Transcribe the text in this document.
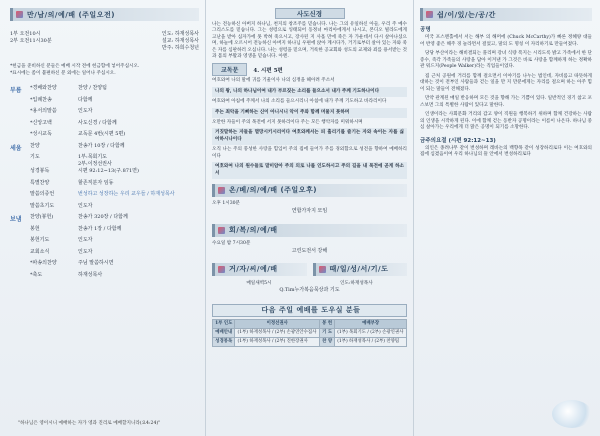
만/남/의/예/배 (주일오전)
1부 오전10시
2부 오전11시30분
인도: 하재성목사
설교: 하재성목사
반주: 하희수청년
*헌금을 준비하신 분들은 예배 시작 전에 헌금함에 넣어주십시오.
*표시에는 좀이 불편하신 분 외에는 일어나 주십시오.
부름	*경배와찬양	찬양 / 찬양팀
*입례찬송	다함께
*용서의말씀	인도자
*신앙고백	사도신경 / 다함께
*성시교독	교독문 4번(시편 5편)
세움	찬양	찬송가 10장 / 다함께
기도	1부:목회기도
2부:이정선권사
성경봉독	시편 92:12~13(구.871면)
특별찬양	할존직분자 임동
말씀의증언	번성하고 성장하는 우리 교우들 / 하재성목사
말씀초기도	인도자
보냄	찬양(봉헌)	찬송가 320장 / 다함께
봉헌	찬송가 1장 / 다함께
봉헌기도	인도자
교회소식	인도자
*파송의찬양	주님 말씀하시면
*축도	하재성목사
"하나님은 영이시니 예배하는 자가 영과 진리로 예배할지니라(요4:24)"
사도신경
나는 전능하신 아버지 하나님, 천지의 창조주를 믿습니다. 나는 그의 유일하신 아들, 우리 주 예수 그리스도를 믿습니다. 그는 성령으로 잉태되어 동정녀 마리아에게서 나시고, 본디오 빌라도에게 고난을 받아 십자가에 못 박혀 죽으시고, 장사된 지 사흘 만에 죽은 자 가운데서 다시 살아나셨으며, 하늘에 오르시어 전능하신 아버지 하나님 우편에 앉아 계시다가, 거기로부터 살아 있는 자와 죽은 자를 심판하러 오십니다. 나는 성령을 믿으며, 거룩한 공교회와 성도의 교제와 죄를 용서받는 것과 몸의 부활과 영생을 믿습니다. 아멘.
교독문	4. 시편 5편
여호와여 나의 말에 귀를 기울이사 나의 심정을 헤아려 주소서
나의 왕, 나의 하나님이여 내가 부르짖는 소리를 들으소서 내가 주께 기도하나이다
여호와여 아침에 주께서 나의 소리를 들으시리니 아침에 내가 주께 기도하고 바라리이다
주는 죄악을 기뻐하는 신이 아니시니 악이 주와 함께 머물지 못하며
오만한 자들이 주의 목전에 서지 못하리이다 주는 모든 행악자를 미워하시며
거짓말하는 자들을 멸망시키시리이다 여호와께서는 피 흘리기를 즐기는 자와 속이는 자를 싫어하시나이다
오직 나는 주의 풍성한 사랑을 힘입어 주의 집에 들어가 주를 경외함으로 성전을 향하여 예배하리이다
여호와여 나의 원수들로 말미암아 주의 의로 나를 인도하시고 주의 길을 내 목전에 곧게 하소서
온/베/의/예/배 (주일오후)
오후 1시30분
연합가자지 모임
회/복/의/예/배
수요일 밤 7시30분
고린도전서 강해
거/자/씨/예/배	때/일/성/서/기/도
매일새벽5시	인도:하재성목사
Q.Tim누가복음묵상과 기도
다음 주일 예배를 도우실 분들
1부 인도	이정선권사	봉 헌	예배부장
예배안내	(1부) 하재성목사 / (2부) 손광연안수집사	기 도	(1부) 목회기도 / (2부) 손광연권사
성경봉독	(1부) 하재성목사 / (2부) 진한장권사	찬 양	(1부) 하재성목사 / (2부) 찬양팀
쉼/이/있/는/공/간
공명
미국 포스맨홀에서 서는 해부 의 해머에 (Chuck McCarthy)가 빠른 정혜양 대들어 반영 좋은 해주 경 놀라면서 걸었고, 말의 도 명칭 이 자리하기로 만들어졌다.
당당 부산이라는 해비결되는 플리며 강녀 식량 폭지는 시리도록 밝고 가족에서 한 단 증수, 즉각 가족들의 사랑을 담아 이겨낸 가 그것은 바로 사랑을 함께하게 하는 정확하 관 워드지(People Walker)라는 직업들이었다.
집 근처 공원에 거리를 함께 걸으면서 이야기를 나누는 법인데, 자비롭고 따뜻하게 대하는 것이 전부인 사람들과 걷는 일을 만 지 만분에게는 자리를 걸으며 하는 아주 힘이 되는 말들이 전해졌다.
만약 관계된 매일 반응하며 모든 것을 향해 가는 기쁨이 있다. 일반적인 경기 참고 포스보면 그의 특별한 사람이 있다고 말한다.
인생이라는 사회문화 거리의 감고 양이 직원들 행복하기 위하며 함께 건강하는 사람의 인생을 시작하게 된다. 이에 함께 걷는 동반자 공명이라는 이름이 나온다. 하나님 중심 살아가는 우리에게 더 맑은 공명이 되기를 소망한다.
금주의요절 (시편 92:12~13)
의인은 종려나무 같이 번성하며 레바논의 백향목 같이 성장하리로다 이는 여호와의 집에 심겼음이여 우리 하나님의 뜰 안에서 번성하리로다
